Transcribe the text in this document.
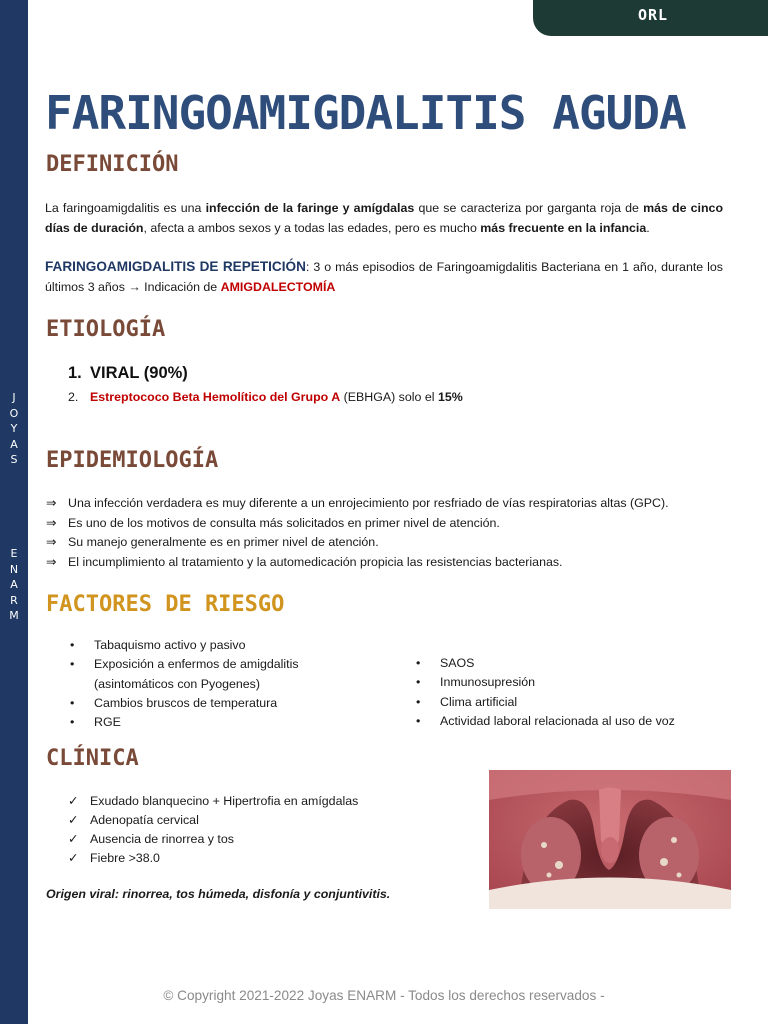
J
O
Y
A
S
E
N
A
R
M
ORL
FARINGOAMIGDALITIS AGUDA
DEFINICIÓN
La faringoamigdalitis es una infección de la faringe y amígdalas que se caracteriza por garganta roja de más de cinco días de duración, afecta a ambos sexos y a todas las edades, pero es mucho más frecuente en la infancia.
FARINGOAMIGDALITIS DE REPETICIÓN: 3 o más episodios de Faringoamigdalitis Bacteriana en 1 año, durante los últimos 3 años → Indicación de AMIGDALECTOMÍA
ETIOLOGÍA
1. VIRAL (90%)
2. Estreptococo Beta Hemolítico del Grupo A (EBHGA) solo el 15%
EPIDEMIOLOGÍA
⇒ Una infección verdadera es muy diferente a un enrojecimiento por resfriado de vías respiratorias altas (GPC).
⇒ Es uno de los motivos de consulta más solicitados en primer nivel de atención.
⇒ Su manejo generalmente es en primer nivel de atención.
⇒ El incumplimiento al tratamiento y la automedicación propicia las resistencias bacterianas.
FACTORES DE RIESGO
•	Tabaquismo activo y pasivo
•	Exposición a enfermos de amigdalitis
(asintomáticos con Pyogenes)
•	Cambios bruscos de temperatura
•	RGE
•	SAOS
•	Inmunosupresión
•	Clima artificial
•	Actividad laboral relacionada al uso de voz
CLÍNICA
✓ Exudado blanquecino + Hipertrofia en amígdalas
✓ Adenopatía cervical
✓ Ausencia de rinorrea y tos
✓ Fiebre >38.0
Origen viral: rinorrea, tos húmeda, disfonía y conjuntivitis.
© Copyright 2021-2022 Joyas ENARM - Todos los derechos reservados -
